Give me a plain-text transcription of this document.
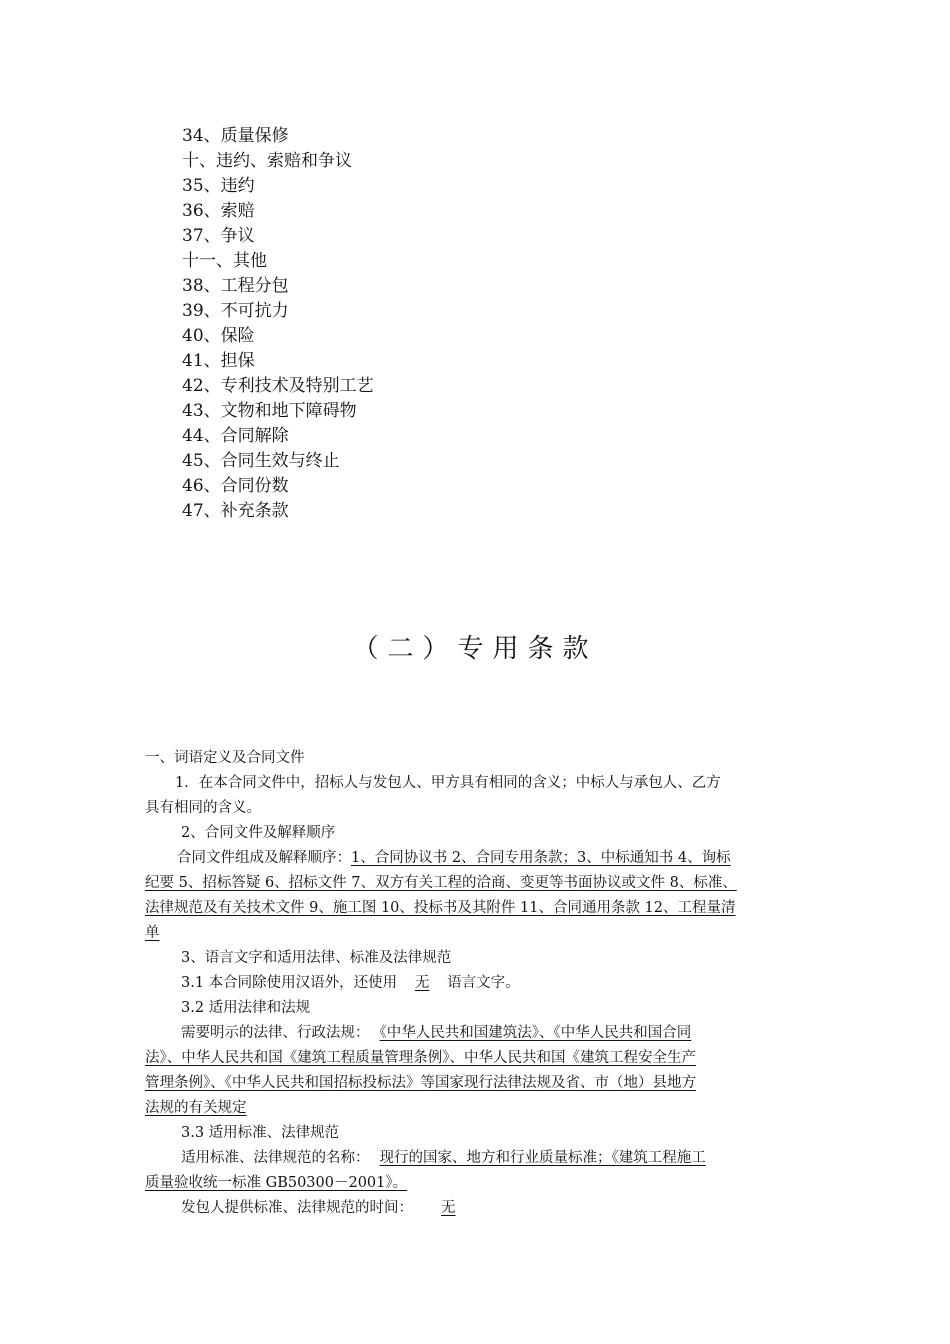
34、质量保修
十、违约、索赔和争议
35、违约
36、索赔
37、争议
十一、其他
38、工程分包
39、不可抗力
40、保险
41、担保
42、专利技术及特别工艺
43、文物和地下障碍物
44、合同解除
45、合同生效与终止
46、合同份数
47、补充条款
（二）专用条款
一、词语定义及合同文件
1．在本合同文件中，招标人与发包人、甲方具有相同的含义；中标人与承包人、乙方
具有相同的含义。
2、合同文件及解释顺序
合同文件组成及解释顺序：1、合同协议书 2、合同专用条款；3、中标通知书 4、询标
纪要 5、招标答疑 6、招标文件 7、双方有关工程的洽商、变更等书面协议或文件 8、标准、
法律规范及有关技术文件 9、施工图 10、投标书及其附件 11、合同通用条款 12、工程量清
单
3、语言文字和适用法律、标准及法律规范
3.1 本合同除使用汉语外，还使用 无 语言文字。
3.2 适用法律和法规
需要明示的法律、行政法规： 《中华人民共和国建筑法》、《中华人民共和国合同
法》、中华人民共和国《建筑工程质量管理条例》、中华人民共和国《建筑工程安全生产
管理条例》、《中华人民共和国招标投标法》等国家现行法律法规及省、市（地）县地方
法规的有关规定
3.3 适用标准、法律规范
适用标准、法律规范的名称： 现行的国家、地方和行业质量标准；《建筑工程施工
质量验收统一标准 GB50300－2001》。
发包人提供标准、法律规范的时间： 无
